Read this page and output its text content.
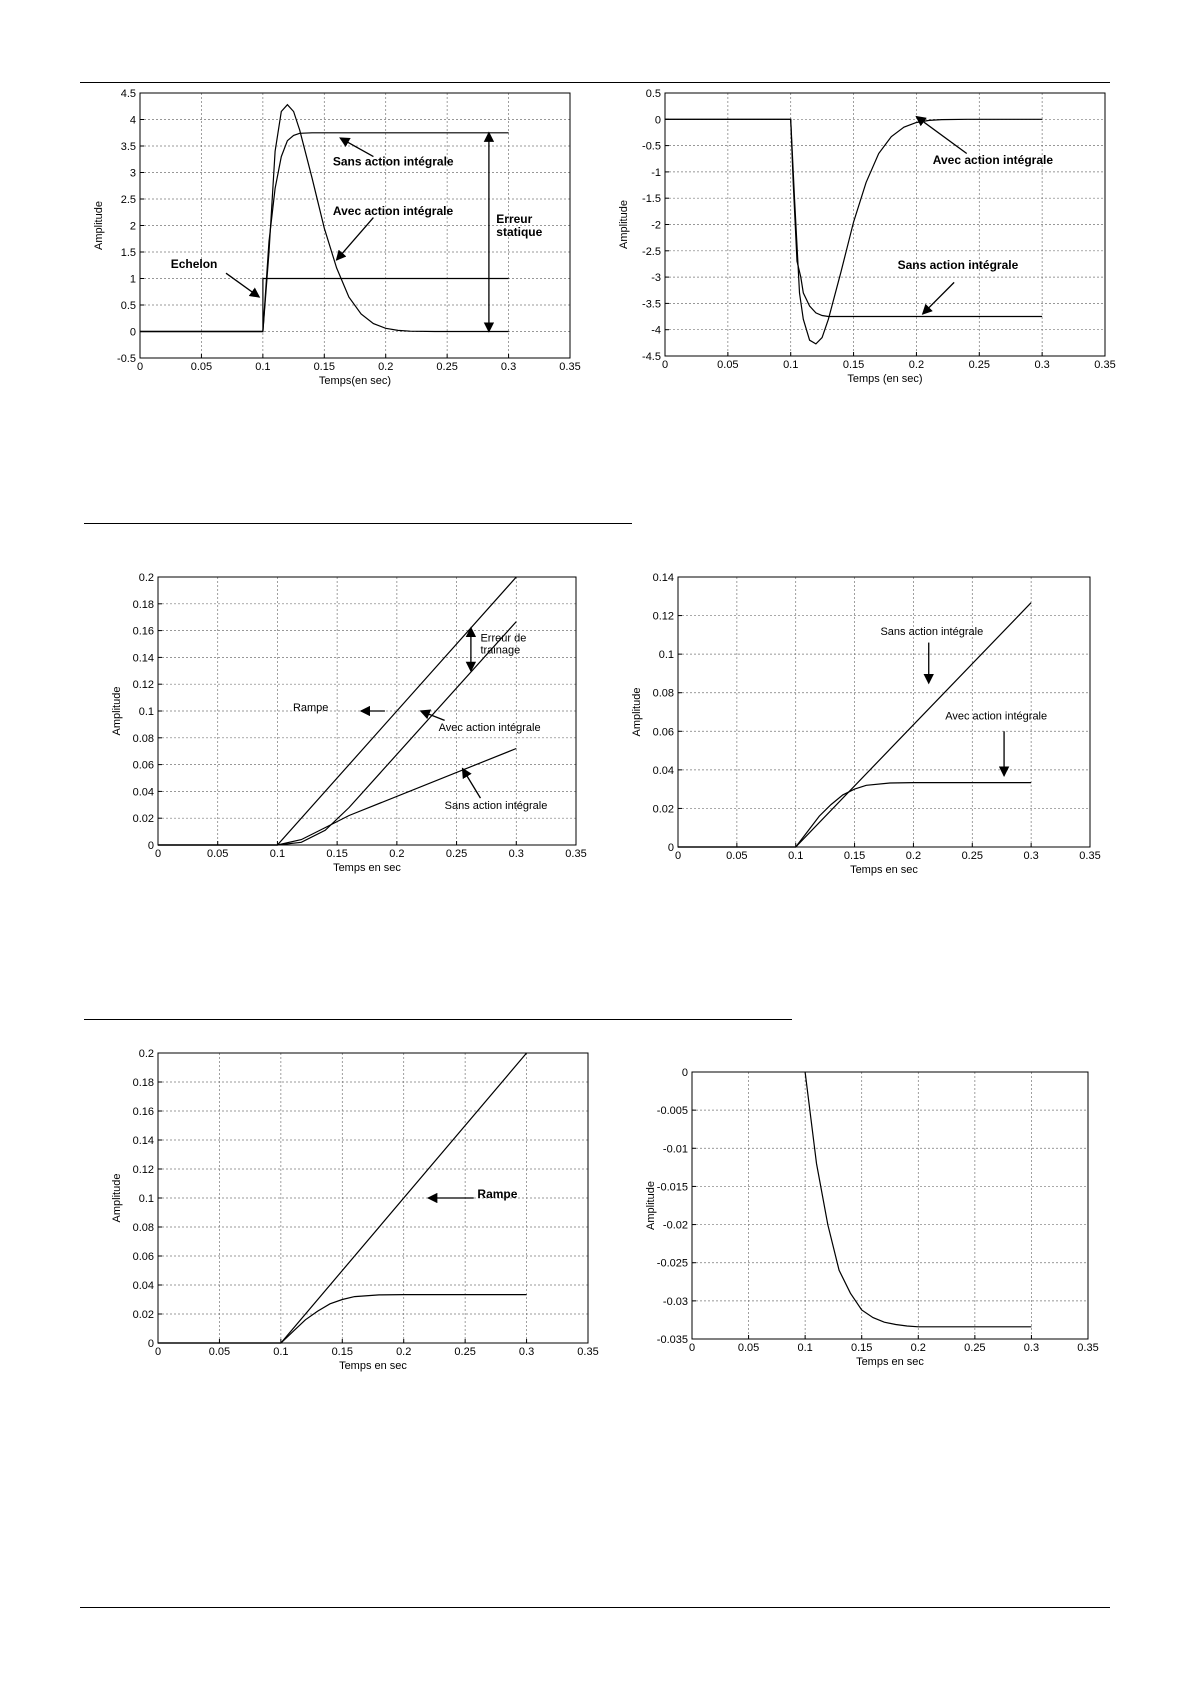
0	0.05	0.1	0.15	0.2	0.25	0.3	0.35
-0.5
0
0.5
1
1.5
2
2.5
3
3.5
4
4.5
Temps(en sec)
Amplitude
Sans action intégrale
Avec action intégrale
Echelon
Erreur
statique
0	0.05	0.1	0.15	0.2	0.25	0.3	0.35
-4.5
-4
-3.5
-3
-2.5
-2
-1.5
-1
-0.5
0
0.5
Temps (en sec)
Amplitude
Avec action intégrale
Sans action intégrale
0	0.05	0.1	0.15	0.2	0.25	0.3	0.35
0
0.02
0.04
0.06
0.08
0.1
0.12
0.14
0.16
0.18
0.2
Temps en sec
Amplitude
Erreur de
trainage
Rampe
Avec action intégrale
Sans action intégrale
0	0.05	0.1	0.15	0.2	0.25	0.3	0.35
0
0.02
0.04
0.06
0.08
0.1
0.12
0.14
Temps en sec
Amplitude
Sans action intégrale
Avec action intégrale
0	0.05	0.1	0.15	0.2	0.25	0.3	0.35
0
0.02
0.04
0.06
0.08
0.1
0.12
0.14
0.16
0.18
0.2
Temps en sec
Amplitude	Rampe
0	0.05	0.1	0.15	0.2	0.25	0.3	0.35
-0.035
-0.03
-0.025
-0.02
-0.015
-0.01
-0.005
0
Temps en sec
Amplitude
